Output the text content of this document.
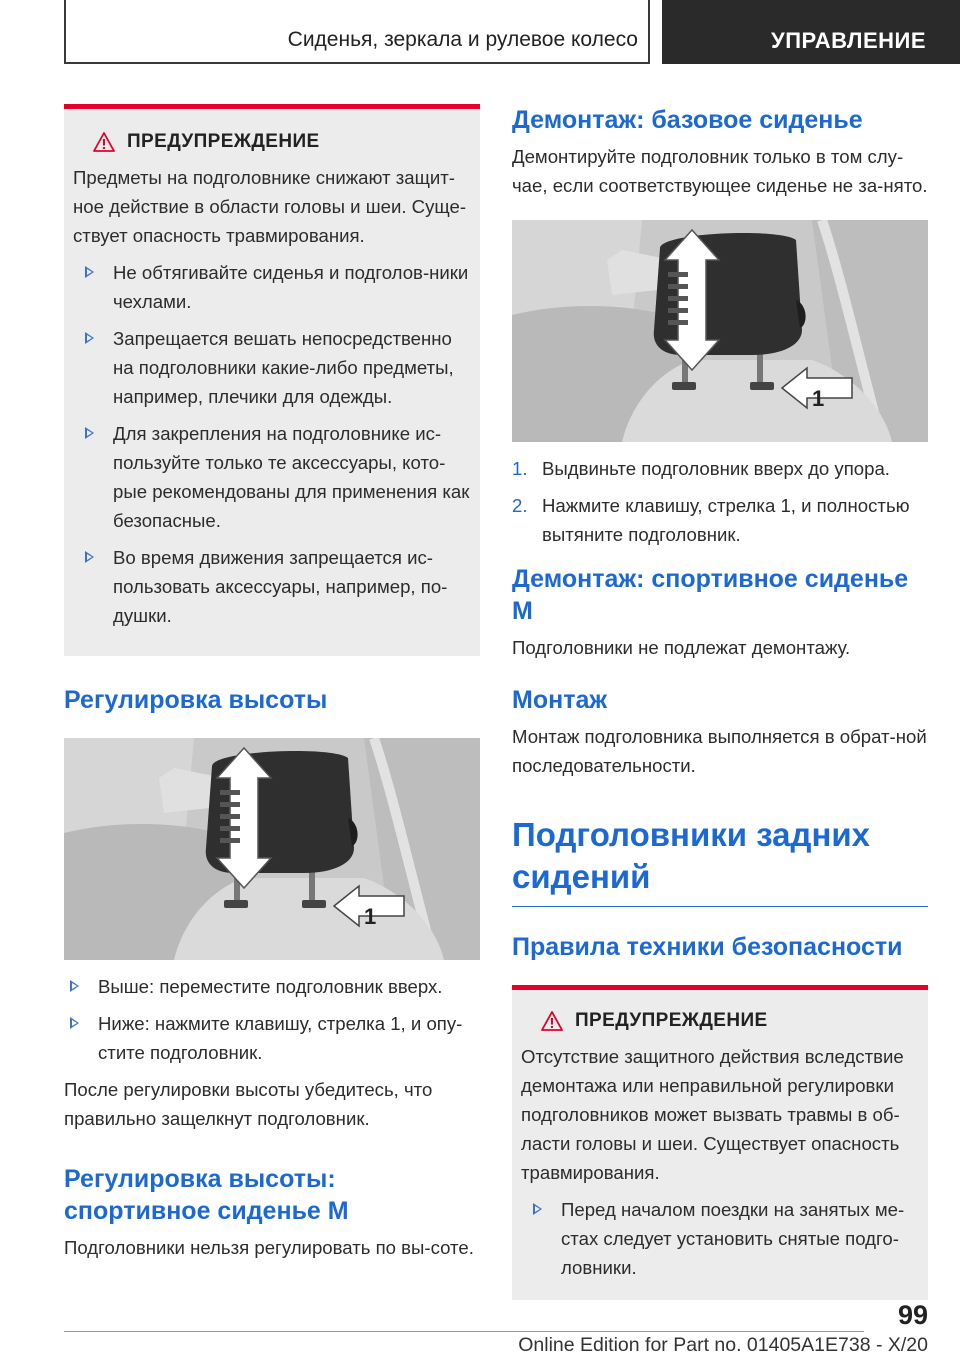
Сиденья, зеркала и рулевое колесо	УПРАВЛЕНИЕ
ПРЕДУПРЕЖДЕНИЕ

Предметы на подголовнике снижают защит-ное действие в области головы и шеи. Суще-ствует опасность травмирования.

Не обтягивайте сиденья и подголов-ники чехлами.
Запрещается вешать непосредственно на подголовники какие-либо предметы, например, плечики для одежды.
Для закрепления на подголовнике ис-пользуйте только те аксессуары, кото-рые рекомендованы для применения как безопасные.
Во время движения запрещается ис-пользовать аксессуары, например, по-душки.
Регулировка высоты
1
Выше: переместите подголовник вверх.
Ниже: нажмите клавишу, стрелка 1, и опу-стите подголовник.

После регулировки высоты убедитесь, что правильно защелкнут подголовник.

Регулировка высоты: спортивное сиденье M

Подголовники нельзя регулировать по вы-соте.

Демонтаж: базовое сиденье

Демонтируйте подголовник только в том слу-чае, если соответствующее сиденье не за-нято.

1
1. Выдвиньте подголовник вверх до упора.
2. Нажмите клавишу, стрелка 1, и полностью вытяните подголовник.
Демонтаж: спортивное сиденье M

Подголовники не подлежат демонтажу.

Монтаж

Монтаж подголовника выполняется в обрат-ной последовательности.

Подголовники задних сидений
Правила техники безопасности
ПРЕДУПРЕЖДЕНИЕ

Отсутствие защитного действия вследствие демонтажа или неправильной регулировки подголовников может вызвать травмы в об-ласти головы и шеи. Существует опасность травмирования.

Перед началом поездки на занятых ме-стах следует установить снятые подго-ловники.
99
Online Edition for Part no. 01405A1E738 - X/20
